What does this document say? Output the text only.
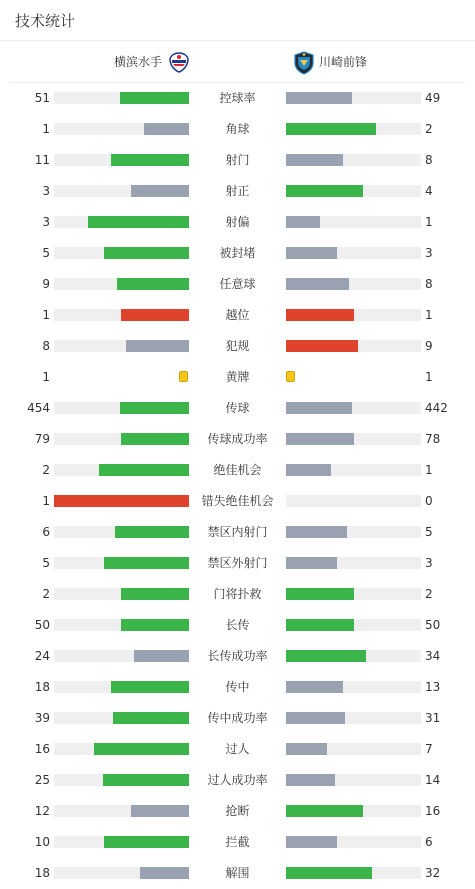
技术统计
横滨水手	川崎前锋
51	控球率	49
1	角球	2
11	射门	8
3	射正	4
3	射偏	1
5	被封堵	3
9	任意球	8
1	越位	1
8	犯规	9
1	黄牌	1
454	传球	442
79	传球成功率	78
2	绝佳机会	1
1	错失绝佳机会	0
6	禁区内射门	5
5	禁区外射门	3
2	门将扑救	2
50	长传	50
24	长传成功率	34
18	传中	13
39	传中成功率	31
16	过人	7
25	过人成功率	14
12	抢断	16
10	拦截	6
18	解围	32
